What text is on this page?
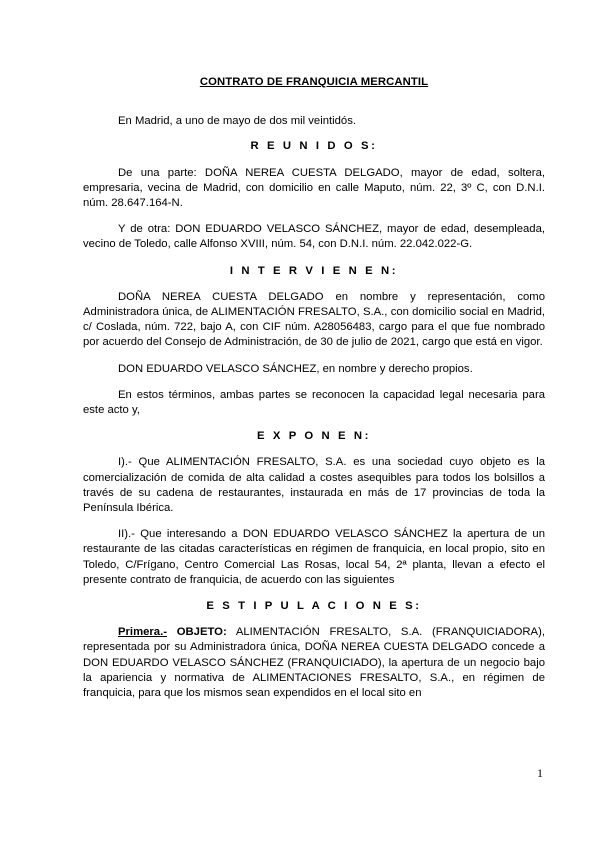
CONTRATO DE FRANQUICIA MERCANTIL

En Madrid, a uno de mayo de dos mil veintidós.

R E U N I D O S:

De una parte: DOÑA NEREA CUESTA DELGADO, mayor de edad, soltera, empresaria, vecina de Madrid, con domicilio en calle Maputo, núm. 22, 3º C, con D.N.I. núm. 28.647.164-N.

Y de otra: DON EDUARDO VELASCO SÁNCHEZ, mayor de edad, desempleada, vecino de Toledo, calle Alfonso XVIII, núm. 54, con D.N.I. núm. 22.042.022-G.

I N T E R V I E N E N:

DOÑA NEREA CUESTA DELGADO en nombre y representación, como Administradora única, de ALIMENTACIÓN FRESALTO, S.A., con domicilio social en Madrid, c/ Coslada, núm. 722, bajo A, con CIF núm. A28056483, cargo para el que fue nombrado por acuerdo del Consejo de Administración, de 30 de julio de 2021, cargo que está en vigor.

DON EDUARDO VELASCO SÁNCHEZ, en nombre y derecho propios.

En estos términos, ambas partes se reconocen la capacidad legal necesaria para este acto y,

E X P O N E N:

I).- Que ALIMENTACIÓN FRESALTO, S.A. es una sociedad cuyo objeto es la comercialización de comida de alta calidad a costes asequibles para todos los bolsillos a través de su cadena de restaurantes, instaurada en más de 17 provincias de toda la Península Ibérica.

II).- Que interesando a DON EDUARDO VELASCO SÁNCHEZ la apertura de un restaurante de las citadas características en régimen de franquicia, en local propio, sito en Toledo, C/Frígano, Centro Comercial Las Rosas, local 54, 2ª planta, llevan a efecto el presente contrato de franquicia, de acuerdo con las siguientes

E S T I P U L A C I O N E S:

Primera.- OBJETO: ALIMENTACIÓN FRESALTO, S.A. (FRANQUICIADORA), representada por su Administradora única, DOÑA NEREA CUESTA DELGADO concede a DON EDUARDO VELASCO SÁNCHEZ (FRANQUICIADO), la apertura de un negocio bajo la apariencia y normativa de ALIMENTACIONES FRESALTO, S.A., en régimen de franquicia, para que los mismos sean expendidos en el local sito en

1
